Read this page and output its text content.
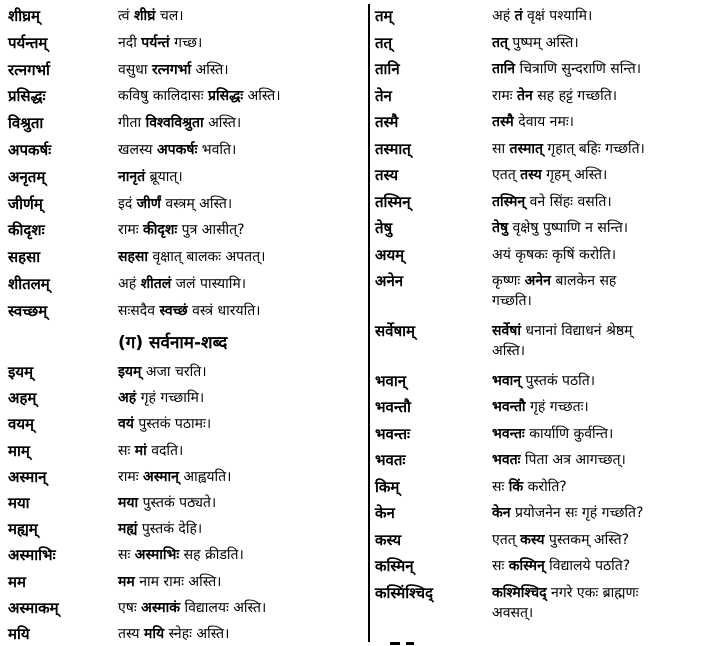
शीघ्रम्	त्वं शीघ्रं चल।
पर्यन्तम्	नदी पर्यन्तं गच्छ।
रत्नगर्भा	वसुधा रत्नगर्भा अस्ति।
प्रसिद्धः	कविषु कालिदासः प्रसिद्धः अस्ति।
विश्रुता	गीता विश्वविश्रुता अस्ति।
अपकर्षः	खलस्य अपकर्षः भवति।
अनृतम्	नानृतं ब्रूयात्।
जीर्णम्	इदं जीर्णं वस्त्रम् अस्ति।
कीदृशः	रामः कीदृशः पुत्र आसीत्?
सहसा	सहसा वृक्षात् बालकः अपतत्।
शीतलम्	अहं शीतलं जलं पास्यामि।
स्वच्छम्	सःसदैव स्वच्छं वस्त्रं धारयति।
इयम्	इयम् अजा चरति।
अहम्	अहं गृहं गच्छामि।
वयम्	वयं पुस्तकं पठामः।
माम्	सः मां वदति।
अस्मान्	रामः अस्मान् आह्वयति।
मया	मया पुस्तकं पठ्यते।
मह्यम्	मह्यं पुस्तकं देहि।
अस्माभिः	सः अस्माभिः सह क्रीडति।
मम	मम नाम रामः अस्ति।
अस्माकम्	एषः अस्माकं विद्यालयः अस्ति।
मयि	तस्य मयि स्नेहः अस्ति।
तम्	अहं तं वृक्षं पश्यामि।
तत्	तत् पुष्पम् अस्ति।
तानि	तानि चित्राणि सुन्दराणि सन्ति।
तेन	रामः तेन सह हट्टं गच्छति।
तस्मै	तस्मै देवाय नमः।
तस्मात्	सा तस्मात् गृहात् बहिः गच्छति।
तस्य	एतत् तस्य गृहम् अस्ति।
तस्मिन्	तस्मिन् वने सिंहः वसति।
तेषु	तेषु वृक्षेषु पुष्पाणि न सन्ति।
अयम्	अयं कृषकः कृषिं करोति।
अनेन	कृष्णः अनेन बालकेन सह
गच्छति।
सर्वेषाम्	सर्वेषां धनानां विद्याधनं श्रेष्ठम्
अस्ति।
भवान्	भवान् पुस्तकं पठति।
भवन्तौ	भवन्तौ गृहं गच्छतः।
भवन्तः	भवन्तः कार्याणि कुर्वन्ति।
भवतः	भवतः पिता अत्र आगच्छत्।
किम्	सः किं करोति?
केन	केन प्रयोजनेन सः गृहं गच्छति?
कस्य	एतत् कस्य पुस्तकम् अस्ति?
कस्मिन्	सः कस्मिन् विद्यालये पठति?
कस्मिंश्चिद्	कश्मिश्चिद् नगरे एकः ब्राह्मणः
अवसत्।
(ग) सर्वनाम-शब्द
